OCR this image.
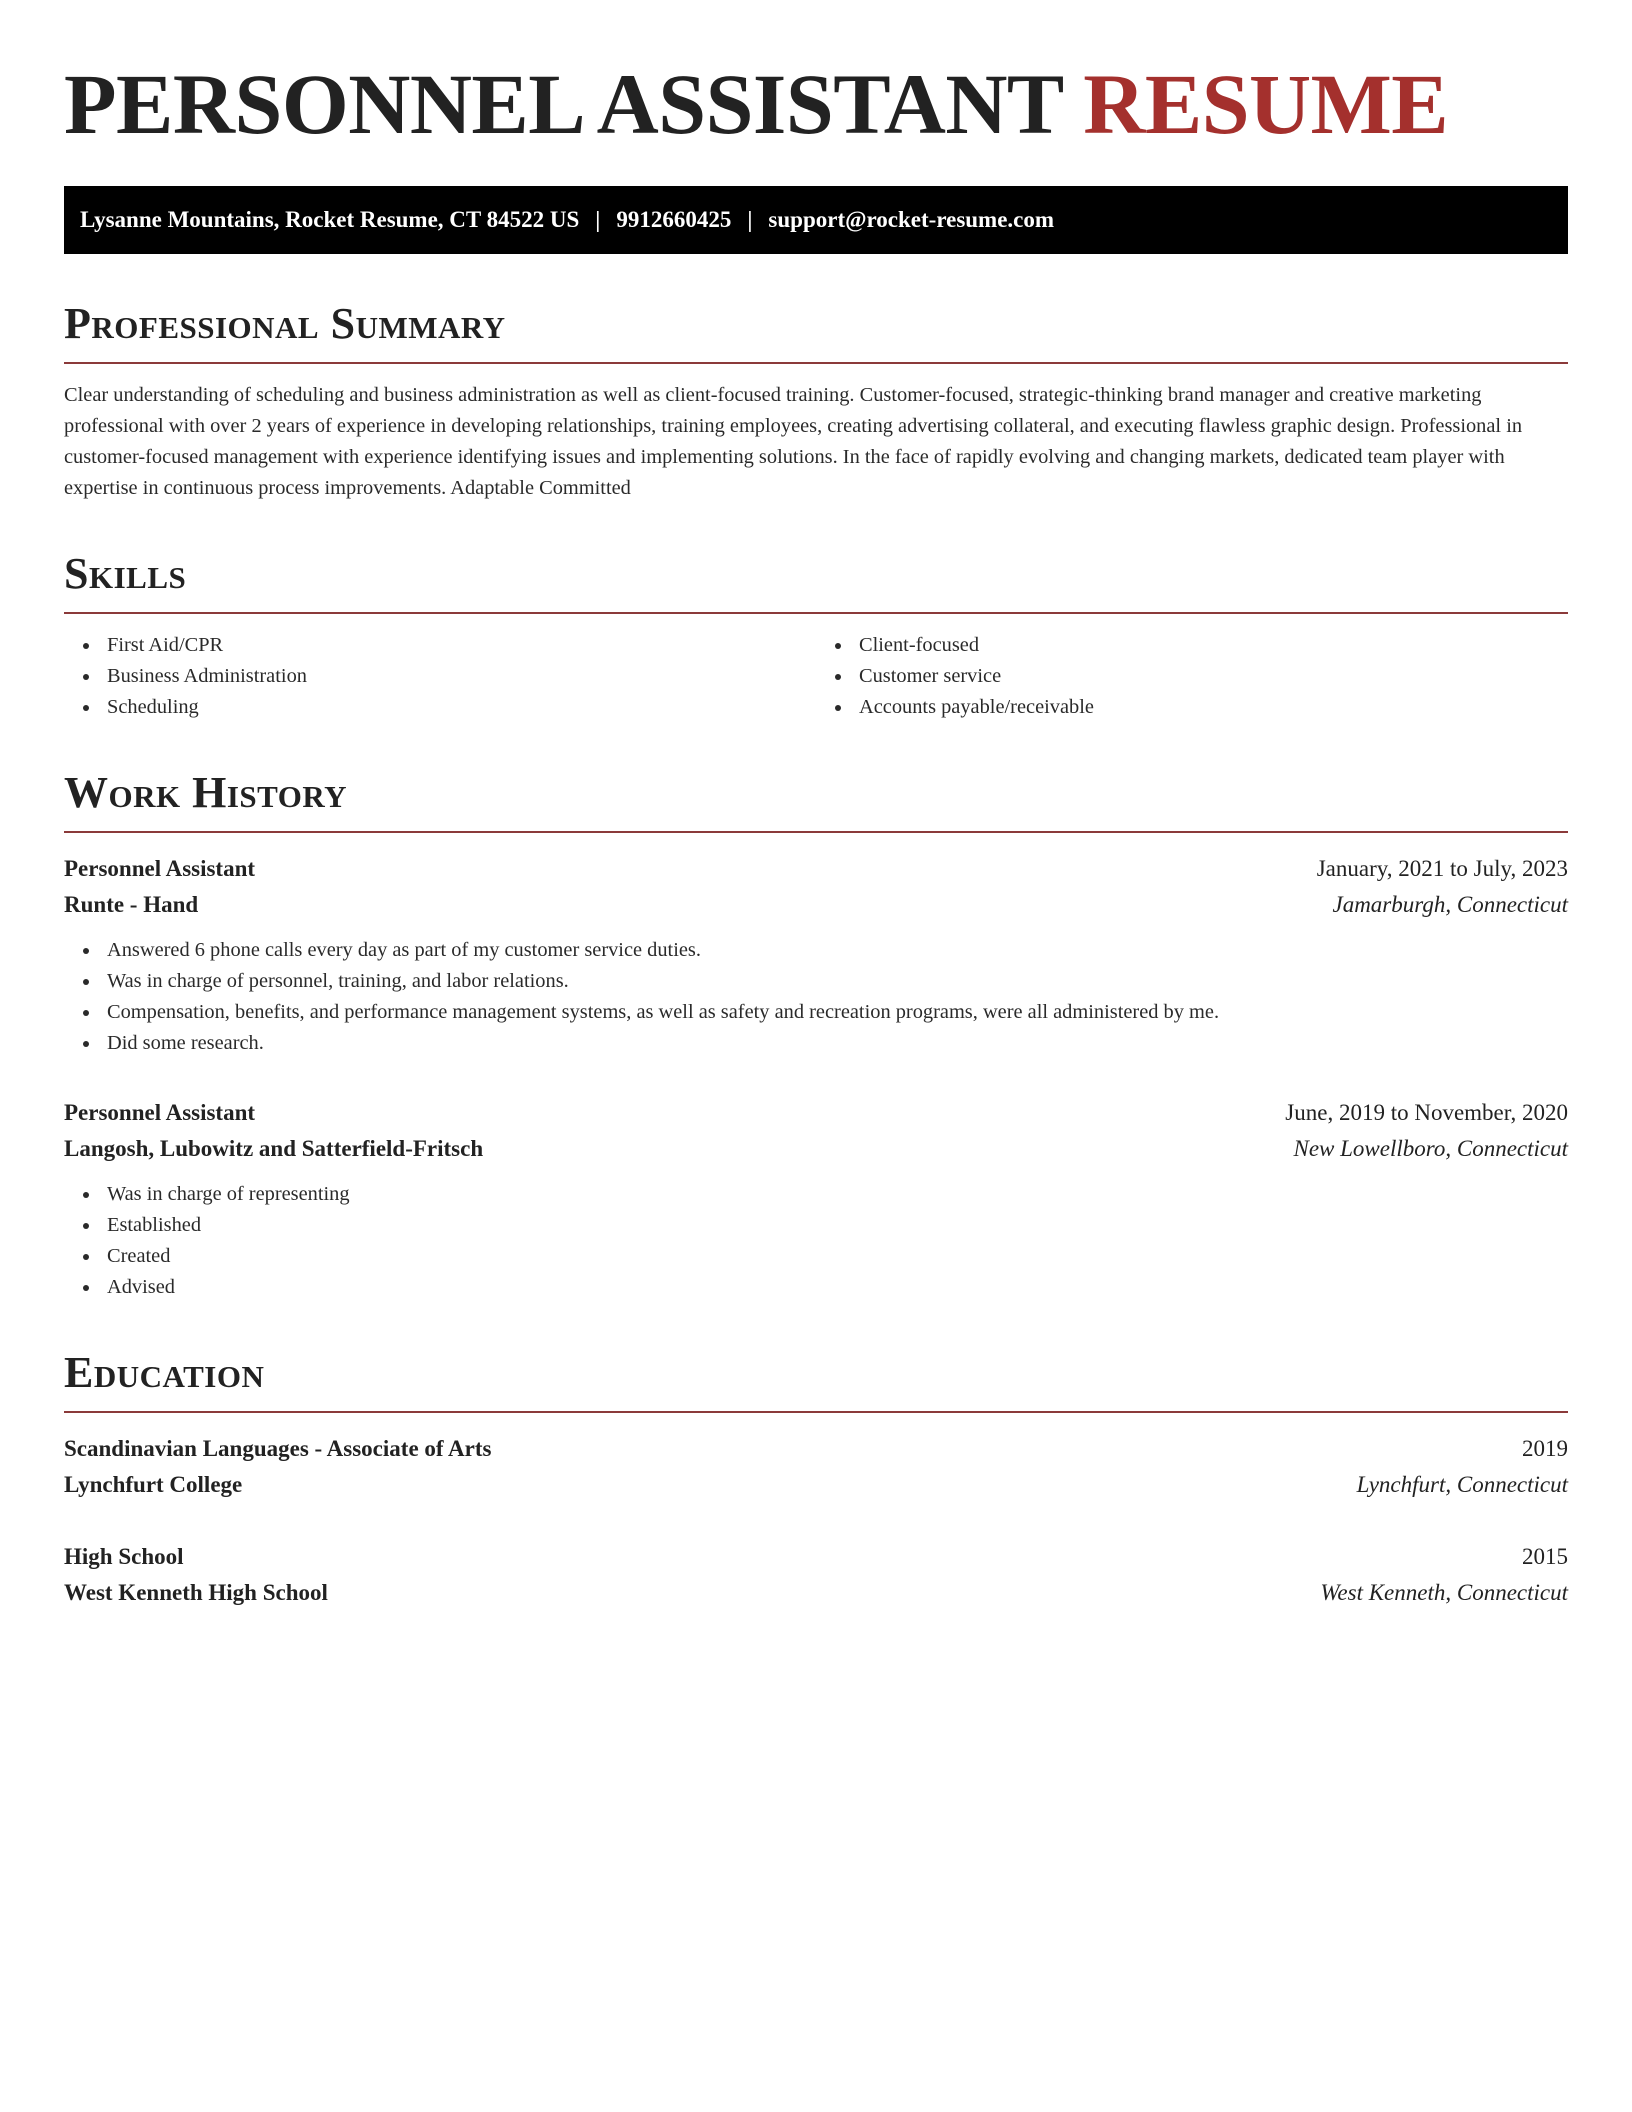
PERSONNEL ASSISTANT RESUME
Lysanne Mountains, Rocket Resume, CT 84522 US | 9912660425 | support@rocket-resume.com
Professional Summary

Clear understanding of scheduling and business administration as well as client-focused training. Customer-focused, strategic-thinking brand manager and creative marketing professional with over 2 years of experience in developing relationships, training employees, creating advertising collateral, and executing flawless graphic design. Professional in customer-focused management with experience identifying issues and implementing solutions. In the face of rapidly evolving and changing markets, dedicated team player with expertise in continuous process improvements. Adaptable Committed

Skills
First Aid/CPR
Business Administration
Scheduling
Client-focused
Customer service
Accounts payable/receivable
Work History
Personnel Assistant	January, 2021 to July, 2023
Runte - Hand	Jamarburgh, Connecticut
Answered 6 phone calls every day as part of my customer service duties.
Was in charge of personnel, training, and labor relations.
Compensation, benefits, and performance management systems, as well as safety and recreation programs, were all administered by me.
Did some research.
Personnel Assistant	June, 2019 to November, 2020
Langosh, Lubowitz and Satterfield-Fritsch	New Lowellboro, Connecticut
Was in charge of representing
Established
Created
Advised
Education
Scandinavian Languages - Associate of Arts	2019
Lynchfurt College	Lynchfurt, Connecticut
High School	2015
West Kenneth High School	West Kenneth, Connecticut
